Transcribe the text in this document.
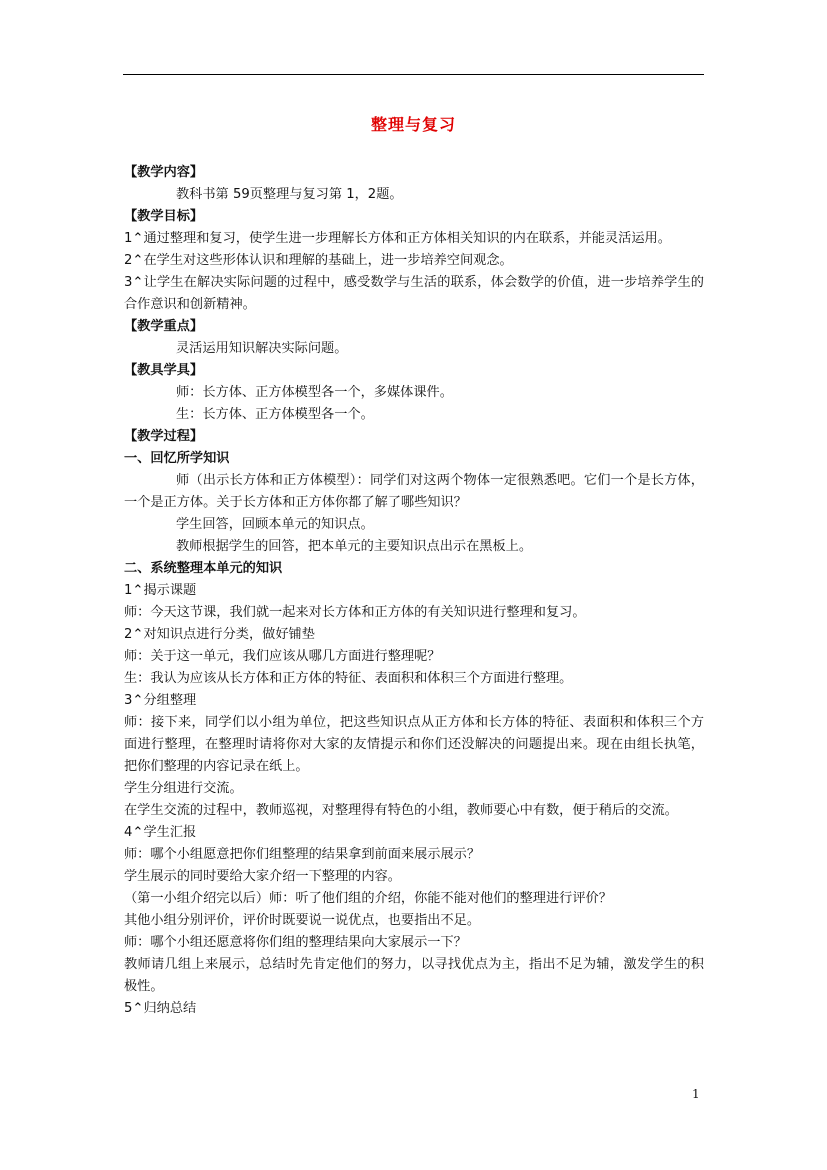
整理与复习
【教学内容】
教科书第 59页整理与复习第 1，2题。
【教学目标】
1⌃通过整理和复习，使学生进一步理解长方体和正方体相关知识的内在联系，并能灵活运用。
2⌃在学生对这些形体认识和理解的基础上，进一步培养空间观念。
3⌃让学生在解决实际问题的过程中，感受数学与生活的联系，体会数学的价值，进一步培养学生的合作意识和创新精神。
【教学重点】
灵活运用知识解决实际问题。
【教具学具】
师：长方体、正方体模型各一个，多媒体课件。
生：长方体、正方体模型各一个。
【教学过程】
一、回忆所学知识
师（出示长方体和正方体模型）：同学们对这两个物体一定很熟悉吧。它们一个是长方体，一个是正方体。关于长方体和正方体你都了解了哪些知识？
学生回答，回顾本单元的知识点。
教师根据学生的回答，把本单元的主要知识点出示在黑板上。
二、系统整理本单元的知识
1⌃揭示课题
师：今天这节课，我们就一起来对长方体和正方体的有关知识进行整理和复习。
2⌃对知识点进行分类，做好铺垫
师：关于这一单元，我们应该从哪几方面进行整理呢？
生：我认为应该从长方体和正方体的特征、表面积和体积三个方面进行整理。
3⌃分组整理
师：接下来，同学们以小组为单位，把这些知识点从正方体和长方体的特征、表面积和体积三个方面进行整理，在整理时请将你对大家的友情提示和你们还没解决的问题提出来。现在由组长执笔，把你们整理的内容记录在纸上。
学生分组进行交流。
在学生交流的过程中，教师巡视，对整理得有特色的小组，教师要心中有数，便于稍后的交流。
4⌃学生汇报
师：哪个小组愿意把你们组整理的结果拿到前面来展示展示？
学生展示的同时要给大家介绍一下整理的内容。
（第一小组介绍完以后）师：听了他们组的介绍，你能不能对他们的整理进行评价？
其他小组分别评价，评价时既要说一说优点，也要指出不足。
师：哪个小组还愿意将你们组的整理结果向大家展示一下？
教师请几组上来展示，总结时先肯定他们的努力，以寻找优点为主，指出不足为辅，激发学生的积极性。
5⌃归纳总结
1
